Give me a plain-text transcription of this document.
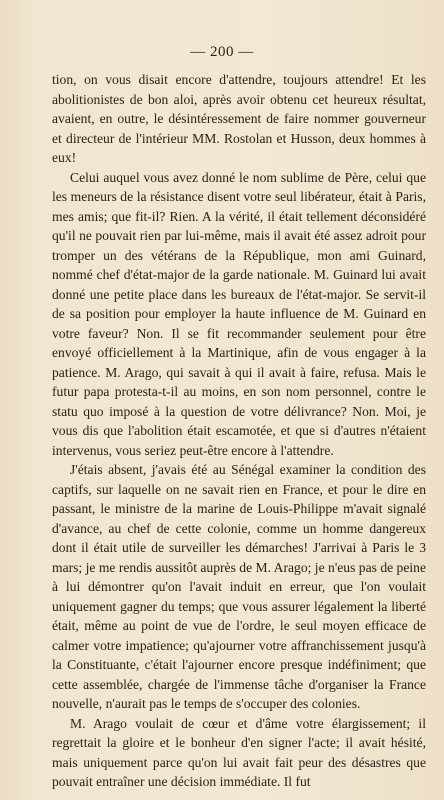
— 200 —

tion, on vous disait encore d'attendre, toujours attendre! Et les abolitionistes de bon aloi, après avoir obtenu cet heureux résultat, avaient, en outre, le désintéressement de faire nommer gouverneur et directeur de l'intérieur MM. Rostolan et Husson, deux hommes à eux!

Celui auquel vous avez donné le nom sublime de Père, celui que les meneurs de la résistance disent votre seul libérateur, était à Paris, mes amis; que fit-il? Rien. A la vérité, il était tellement déconsidéré qu'il ne pouvait rien par lui-même, mais il avait été assez adroit pour tromper un des vétérans de la République, mon ami Guinard, nommé chef d'état-major de la garde nationale. M. Guinard lui avait donné une petite place dans les bureaux de l'état-major. Se servit-il de sa position pour employer la haute influence de M. Guinard en votre faveur? Non. Il se fit recommander seulement pour être envoyé officiellement à la Martinique, afin de vous engager à la patience. M. Arago, qui savait à qui il avait à faire, refusa. Mais le futur papa protesta-t-il au moins, en son nom personnel, contre le statu quo imposé à la question de votre délivrance? Non. Moi, je vous dis que l'abolition était escamotée, et que si d'autres n'étaient intervenus, vous seriez peut-être encore à l'attendre.

J'étais absent, j'avais été au Sénégal examiner la condition des captifs, sur laquelle on ne savait rien en France, et pour le dire en passant, le ministre de la marine de Louis-Philippe m'avait signalé d'avance, au chef de cette colonie, comme un homme dangereux dont il était utile de surveiller les démarches! J'arrivai à Paris le 3 mars; je me rendis aussitôt auprès de M. Arago; je n'eus pas de peine à lui démontrer qu'on l'avait induit en erreur, que l'on voulait uniquement gagner du temps; que vous assurer légalement la liberté était, même au point de vue de l'ordre, le seul moyen efficace de calmer votre impatience; qu'ajourner votre affranchissement jusqu'à la Constituante, c'était l'ajourner encore presque indéfiniment; que cette assemblée, chargée de l'immense tâche d'organiser la France nouvelle, n'aurait pas le temps de s'occuper des colonies.

M. Arago voulait de cœur et d'âme votre élargissement; il regrettait la gloire et le bonheur d'en signer l'acte; il avait hésité, mais uniquement parce qu'on lui avait fait peur des désastres que pouvait entraîner une décision immédiate. Il fut
